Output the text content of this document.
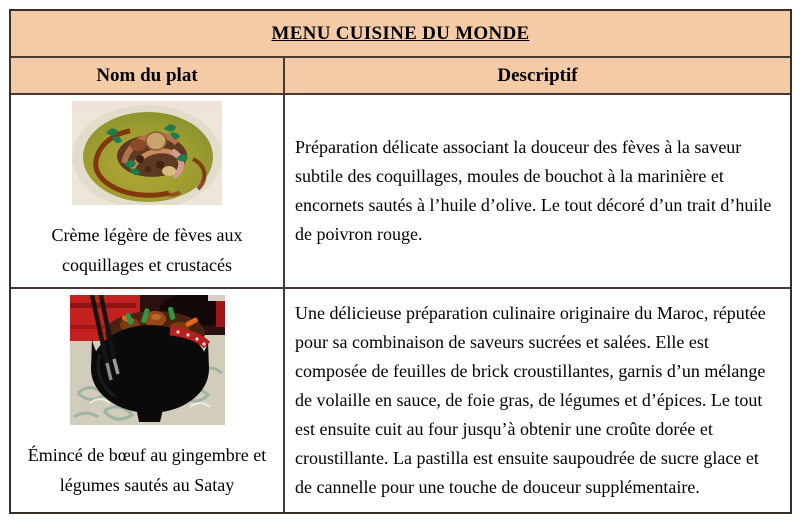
MENU CUISINE DU MONDE
Nom du plat	Descriptif
Crème légère de fèves aux coquillages et crustacés
Préparation délicate associant la douceur des fèves à la saveur subtile des coquillages, moules de bouchot à la marinière et encornets sautés à l’huile d’olive. Le tout décoré d’un trait d’huile de poivron rouge.
Émincé de bœuf au gingembre et légumes sautés au Satay
Une délicieuse préparation culinaire originaire du Maroc, réputée pour sa combinaison de saveurs sucrées et salées. Elle est composée de feuilles de brick croustillantes, garnis d’un mélange de volaille en sauce, de foie gras, de légumes et d’épices. Le tout est ensuite cuit au four jusqu’à obtenir une croûte dorée et croustillante. La pastilla est ensuite saupoudrée de sucre glace et de cannelle pour une touche de douceur supplémentaire.
